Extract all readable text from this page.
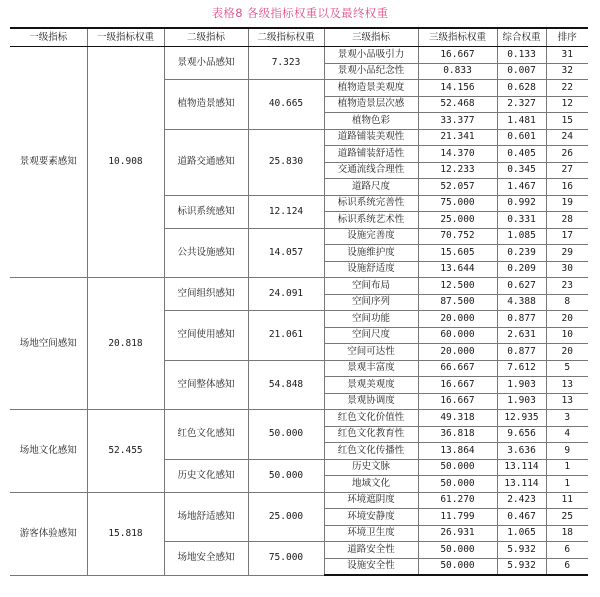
表格8 各级指标权重以及最终权重
一级指标	一级指标权重	二级指标	二级指标权重	三级指标	三级指标权重	综合权重	排序
景观要素感知	10.908	景观小品感知	7.323	景观小品吸引力	16.667	0.133	31
				景观小品纪念性	0.833	0.007	32
		植物造景感知	40.665	植物造景美观度	14.156	0.628	22
				植物造景层次感	52.468	2.327	12
				植物色彩	33.377	1.481	15
		道路交通感知	25.830	道路铺装美观性	21.341	0.601	24
				道路铺装舒适性	14.370	0.405	26
				交通流线合理性	12.233	0.345	27
				道路尺度	52.057	1.467	16
		标识系统感知	12.124	标识系统完善性	75.000	0.992	19
				标识系统艺术性	25.000	0.331	28
		公共设施感知	14.057	设施完善度	70.752	1.085	17
				设施维护度	15.605	0.239	29
				设施舒适度	13.644	0.209	30
场地空间感知	20.818	空间组织感知	24.091	空间布局	12.500	0.627	23
				空间序列	87.500	4.388	8
		空间使用感知	21.061	空间功能	20.000	0.877	20
				空间尺度	60.000	2.631	10
				空间可达性	20.000	0.877	20
		空间整体感知	54.848	景观丰富度	66.667	7.612	5
				景观美观度	16.667	1.903	13
				景观协调度	16.667	1.903	13
场地文化感知	52.455	红色文化感知	50.000	红色文化价值性	49.318	12.935	3
				红色文化教育性	36.818	9.656	4
				红色文化传播性	13.864	3.636	9
		历史文化感知	50.000	历史文脉	50.000	13.114	1
				地域文化	50.000	13.114	1
游客体验感知	15.818	场地舒适感知	25.000	环境遮阴度	61.270	2.423	11
				环境安静度	11.799	0.467	25
				环境卫生度	26.931	1.065	18
		场地安全感知	75.000	道路安全性	50.000	5.932	6
				设施安全性	50.000	5.932	6
